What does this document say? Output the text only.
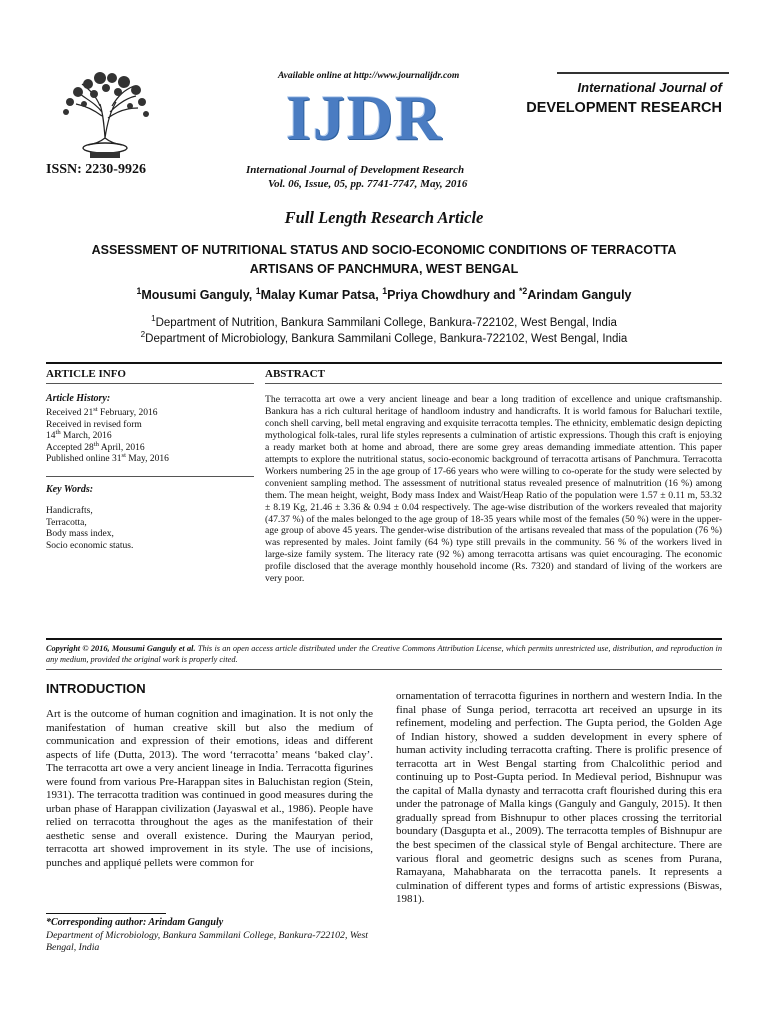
Available online at http://www.journalijdr.com
IJDR	International Journal of
DEVELOPMENT RESEARCH
ISSN: 2230-9926	International Journal of Development Research
Vol. 06, Issue, 05, pp. 7741-7747, May, 2016
Full Length Research Article
ASSESSMENT OF NUTRITIONAL STATUS AND SOCIO-ECONOMIC CONDITIONS OF TERRACOTTA
ARTISANS OF PANCHMURA, WEST BENGAL
$^1$Mousumi Ganguly, $^1$Malay Kumar Patsa, $^1$Priya Chowdhury and $^{*2}$Arindam Ganguly
$^1$Department of Nutrition, Bankura Sammilani College, Bankura-722102, West Bengal, India
$^2$Department of Microbiology, Bankura Sammilani College, Bankura-722102, West Bengal, India
ARTICLE INFO	ABSTRACT
Article History:
Received 21st February, 2016
Received in revised form
14th March, 2016
Accepted 28th April, 2016
Published online 31st May, 2016
Key Words:
Handicrafts,
Terracotta,
Body mass index,
Socio economic status.
The terracotta art owe a very ancient lineage and bear a long tradition of excellence and unique craftsmanship. Bankura has a rich cultural heritage of handloom industry and handicrafts. It is world famous for Baluchari textile, conch shell carving, bell metal engraving and exquisite terracotta temples. The ethnicity, emblematic design depicting mythological folk-tales, rural life styles represents a culmination of artistic expressions. Though this craft is enjoying a ready market both at home and abroad, there are some grey areas demanding immediate attention. This paper attempts to explore the nutritional status, socio-economic background of terracotta artisans of Panchmura. Terracotta Workers numbering 25 in the age group of 17-66 years who were willing to co-operate for the study were selected by convenient sampling method. The assessment of nutritional status revealed presence of malnutrition (16 %) among them. The mean height, weight, Body mass Index and Waist/Heap Ratio of the population were 1.57 ± 0.11 m, 53.32 ± 8.19 Kg, 21.46 ± 3.36 & 0.94 ± 0.04 respectively. The age-wise distribution of the workers revealed that majority (47.37 %) of the males belonged to the age group of 18-35 years while most of the females (50 %) were in the upper-age group of above 45 years. The gender-wise distribution of the artisans revealed that mass of the population (76 %) was represented by males. Joint family (64 %) type still prevails in the community. 56 % of the workers lived in large-size family system. The literacy rate (92 %) among terracotta artisans was quiet encouraging. The economic profile disclosed that the average monthly household income (Rs. 7320) and standard of living of the workers are very poor.
Copyright © 2016, Mousumi Ganguly et al. This is an open access article distributed under the Creative Commons Attribution License, which permits unrestricted use, distribution, and reproduction in any medium, provided the original work is properly cited.
INTRODUCTION
Art is the outcome of human cognition and imagination. It is not only the manifestation of human creative skill but also the medium of communication and expression of their emotions, ideas and different aspects of life (Dutta, 2013). The word ‘terracotta’ means ‘baked clay’. The terracotta art owe a very ancient lineage in India. Terracotta figurines were found from various Pre-Harappan sites in Baluchistan region (Stein, 1931). The terracotta tradition was continued in good measures during the urban phase of Harappan civilization (Jayaswal et al., 1986). People have relied on terracotta throughout the ages as the manifestation of their aesthetic sense and overall existence. During the Mauryan period, terracotta art showed improvement in its style. The use of incisions, punches and appliqué pellets were common for
ornamentation of terracotta figurines in northern and western India. In the final phase of Sunga period, terracotta art received an upsurge in its refinement, modeling and perfection. The Gupta period, the Golden Age of Indian history, showed a sudden development in every sphere of human activity including terracotta crafting. There is prolific presence of terracotta art in West Bengal starting from Chalcolithic period and continuing up to Post-Gupta period. In Medieval period, Bishnupur was the capital of Malla dynasty and terracotta craft flourished during this era under the patronage of Malla kings (Ganguly and Ganguly, 2015). It then gradually spread from Bishnupur to other places crossing the territorial boundary (Dasgupta et al., 2009). The terracotta temples of Bishnupur are the best specimen of the classical style of Bengal architecture. There are various floral and geometric designs such as scenes from Purana, Ramayana, Mahabharata on the terracotta panels. It represents a culmination of different types and forms of artistic expressions (Biswas, 1981).
*Corresponding author: Arindam Ganguly
Department of Microbiology, Bankura Sammilani College, Bankura-722102, West Bengal, India
